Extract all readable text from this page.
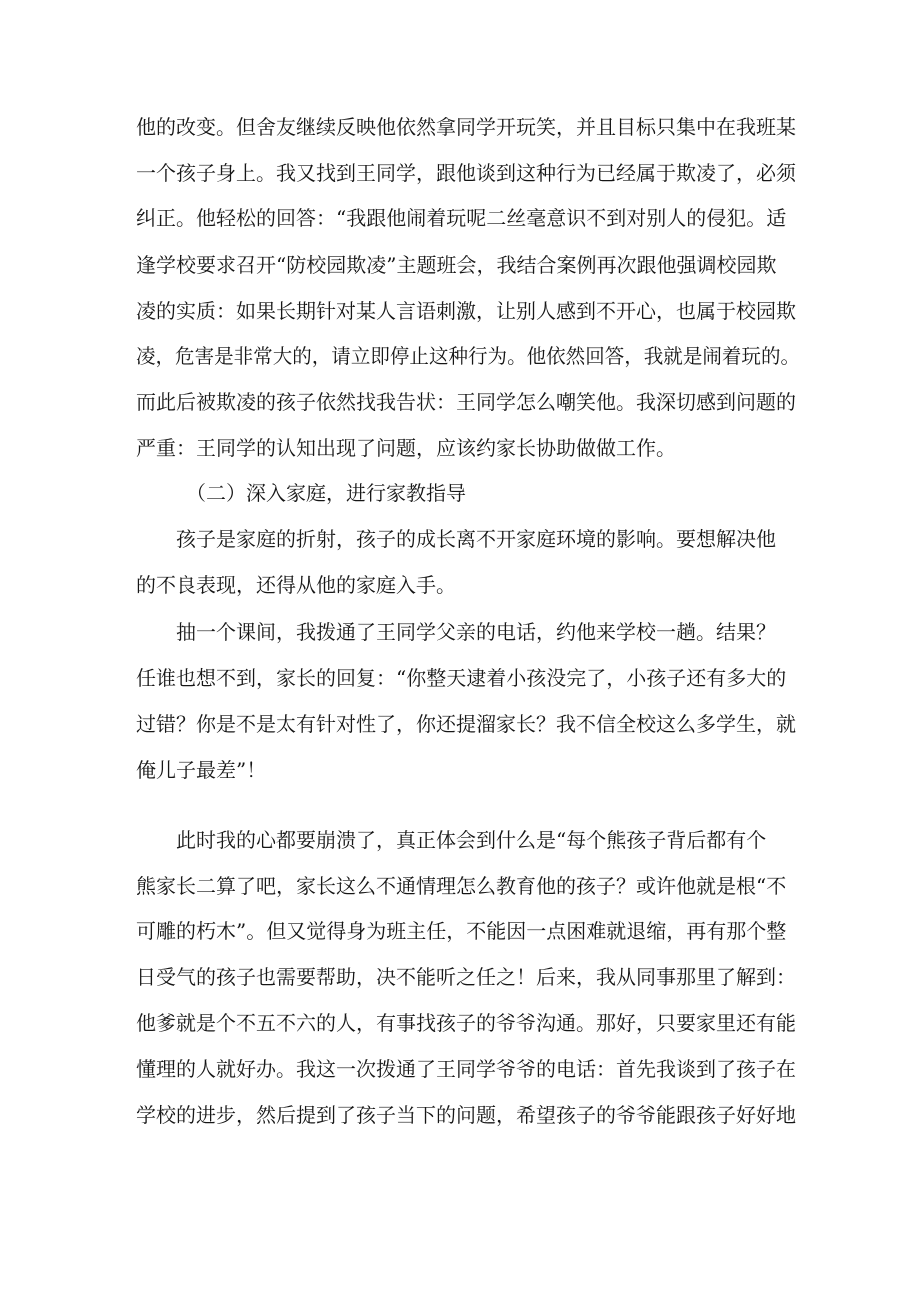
他的改变。但舍友继续反映他依然拿同学开玩笑，并且目标只集中在我班某

一个孩子身上。我又找到王同学，跟他谈到这种行为已经属于欺凌了，必须

纠正。他轻松的回答：“我跟他闹着玩呢二丝毫意识不到对别人的侵犯。适

逢学校要求召开“防校园欺凌”主题班会，我结合案例再次跟他强调校园欺

凌的实质：如果长期针对某人言语刺激，让别人感到不开心，也属于校园欺

凌，危害是非常大的，请立即停止这种行为。他依然回答，我就是闹着玩的。

而此后被欺凌的孩子依然找我告状：王同学怎么嘲笑他。我深切感到问题的

严重：王同学的认知出现了问题，应该约家长协助做做工作。

（二）深入家庭，进行家教指导

孩子是家庭的折射，孩子的成长离不开家庭环境的影响。要想解决他

的不良表现，还得从他的家庭入手。

抽一个课间，我拨通了王同学父亲的电话，约他来学校一趟。结果？

任谁也想不到，家长的回复：“你整天逮着小孩没完了，小孩子还有多大的

过错？你是不是太有针对性了，你还提溜家长？我不信全校这么多学生，就

俺儿子最差”！

此时我的心都要崩溃了，真正体会到什么是“每个熊孩子背后都有个

熊家长二算了吧，家长这么不通情理怎么教育他的孩子？或许他就是根“不

可雕的朽木”。但又觉得身为班主任，不能因一点困难就退缩，再有那个整

日受气的孩子也需要帮助，决不能听之任之！后来，我从同事那里了解到：

他爹就是个不五不六的人，有事找孩子的爷爷沟通。那好，只要家里还有能

懂理的人就好办。我这一次拨通了王同学爷爷的电话：首先我谈到了孩子在

学校的进步，然后提到了孩子当下的问题，希望孩子的爷爷能跟孩子好好地
